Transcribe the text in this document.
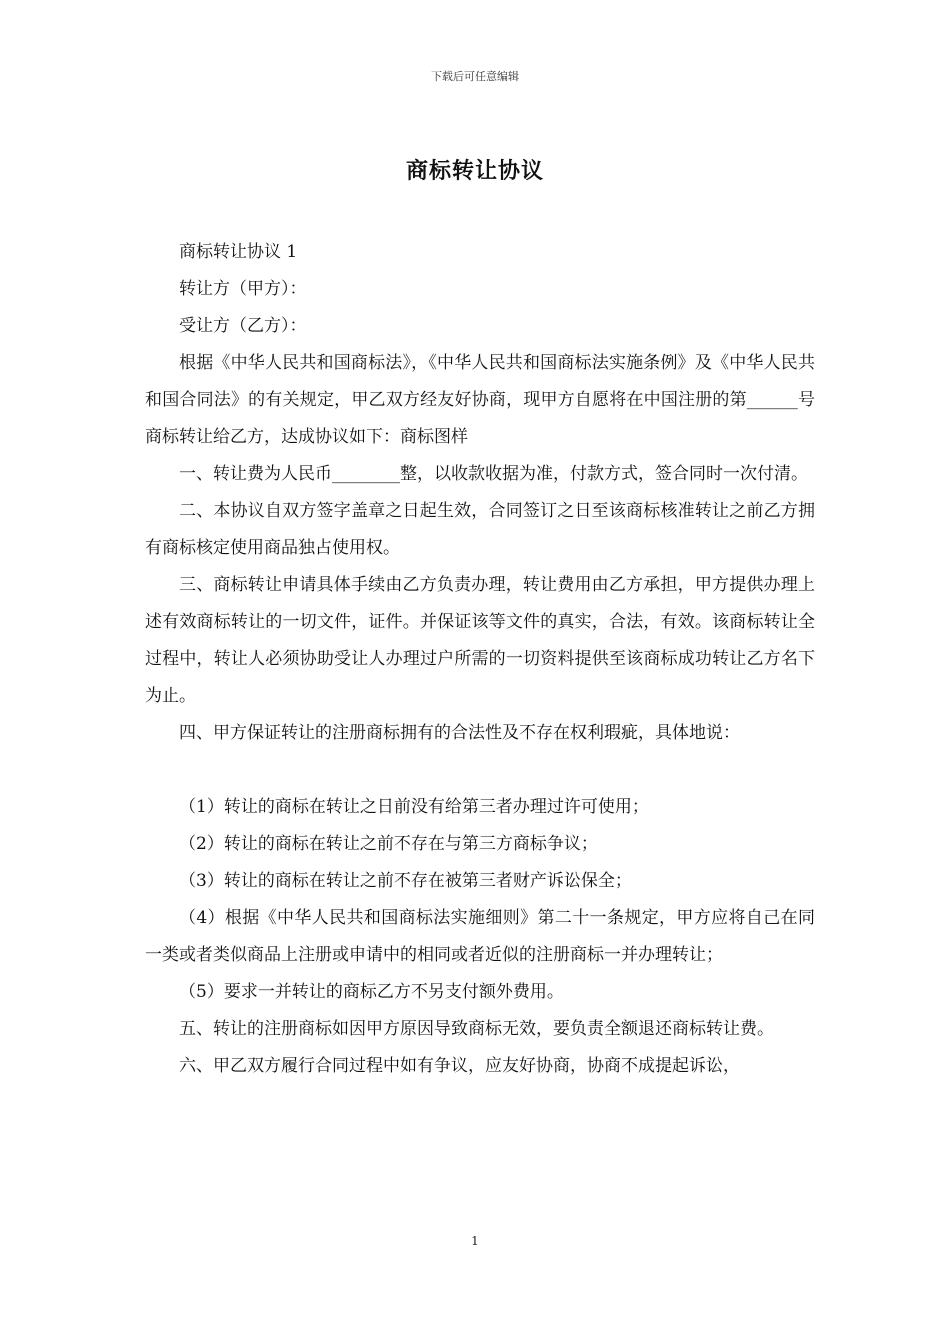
下载后可任意编辑
商标转让协议

商标转让协议 1

转让方（甲方）：

受让方（乙方）：

根据《中华人民共和国商标法》，《中华人民共和国商标法实施条例》及《中华人民共和国合同法》的有关规定，甲乙双方经友好协商，现甲方自愿将在中国注册的第______号商标转让给乙方，达成协议如下：商标图样

一、转让费为人民币________整，以收款收据为准，付款方式，签合同时一次付清。

二、本协议自双方签字盖章之日起生效，合同签订之日至该商标核准转让之前乙方拥有商标核定使用商品独占使用权。

三、商标转让申请具体手续由乙方负责办理，转让费用由乙方承担，甲方提供办理上述有效商标转让的一切文件，证件。并保证该等文件的真实，合法，有效。该商标转让全过程中，转让人必须协助受让人办理过户所需的一切资料提供至该商标成功转让乙方名下为止。

四、甲方保证转让的注册商标拥有的合法性及不存在权利瑕疵，具体地说：

（1）转让的商标在转让之日前没有给第三者办理过许可使用；

（2）转让的商标在转让之前不存在与第三方商标争议；

（3）转让的商标在转让之前不存在被第三者财产诉讼保全；

（4）根据《中华人民共和国商标法实施细则》第二十一条规定，甲方应将自己在同一类或者类似商品上注册或申请中的相同或者近似的注册商标一并办理转让；

（5）要求一并转让的商标乙方不另支付额外费用。

五、转让的注册商标如因甲方原因导致商标无效，要负责全额退还商标转让费。

六、甲乙双方履行合同过程中如有争议，应友好协商，协商不成提起诉讼，

1
